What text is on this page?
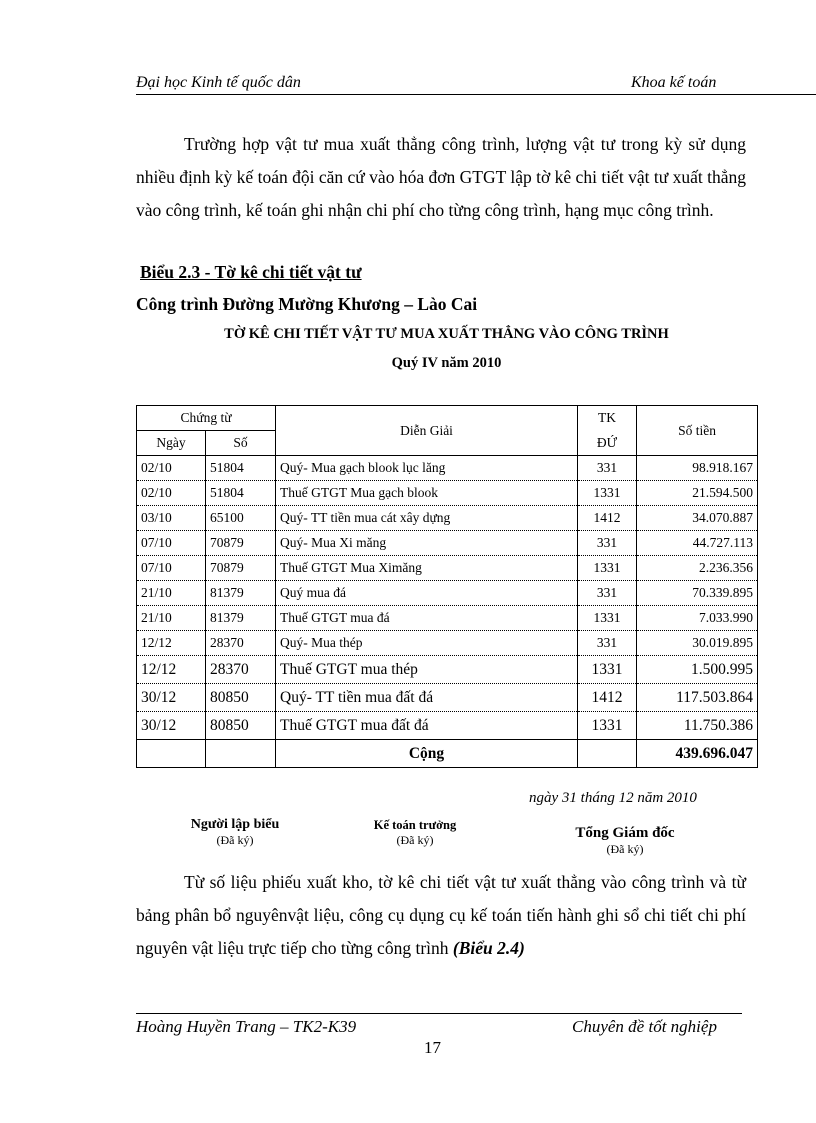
Đại học Kinh tế quốc dân	Khoa kế toán
Trường hợp vật tư mua xuất thẳng công trình, lượng vật tư trong kỳ sử dụng nhiều định kỳ kế toán đội căn cứ vào hóa đơn GTGT lập tờ kê chi tiết vật tư xuất thẳng vào công trình, kế toán ghi nhận chi phí cho từng công trình, hạng mục công trình.
Biểu 2.3 - Tờ kê chi tiết vật tư
Công trình Đường Mường Khương – Lào Cai
TỜ KÊ CHI TIẾT VẬT TƯ MUA XUẤT THẲNG VÀO CÔNG TRÌNH
Quý IV năm 2010
Chứng từ		Diễn Giải	TK	Số tiền
Ngày	Số		ĐỨ	
02/10	51804	Quý- Mua gạch blook lục lăng	331	98.918.167
02/10	51804	Thuế GTGT Mua gạch blook	1331	21.594.500
03/10	65100	Quý- TT tiền mua cát xây dựng	1412	34.070.887
07/10	70879	Quý- Mua Xi măng	331	44.727.113
07/10	70879	Thuế GTGT Mua Ximăng	1331	2.236.356
21/10	81379	Quý mua đá	331	70.339.895
21/10	81379	Thuế GTGT mua đá	1331	7.033.990
12/12	28370	Quý- Mua thép	331	30.019.895
12/12	28370	Thuế GTGT mua thép	1331	1.500.995
30/12	80850	Quý- TT tiền mua đất đá	1412	117.503.864
30/12	80850	Thuế GTGT mua đất đá	1331	11.750.386
		Cộng		439.696.047
ngày 31 tháng 12 năm 2010
Người lập biểu
(Đã ký)
Kế toán trưởng
(Đã ký)	Tổng Giám đốc
(Đã ký)
Từ số liệu phiếu xuất kho, tờ kê chi tiết vật tư xuất thẳng vào công trình và từ bảng phân bổ nguyênvật liệu, công cụ dụng cụ kế toán tiến hành ghi sổ chi tiết chi phí nguyên vật liệu trực tiếp cho từng công trình (Biểu 2.4)
Hoàng Huyền Trang – TK2-K39	Chuyên đề tốt nghiệp
17
